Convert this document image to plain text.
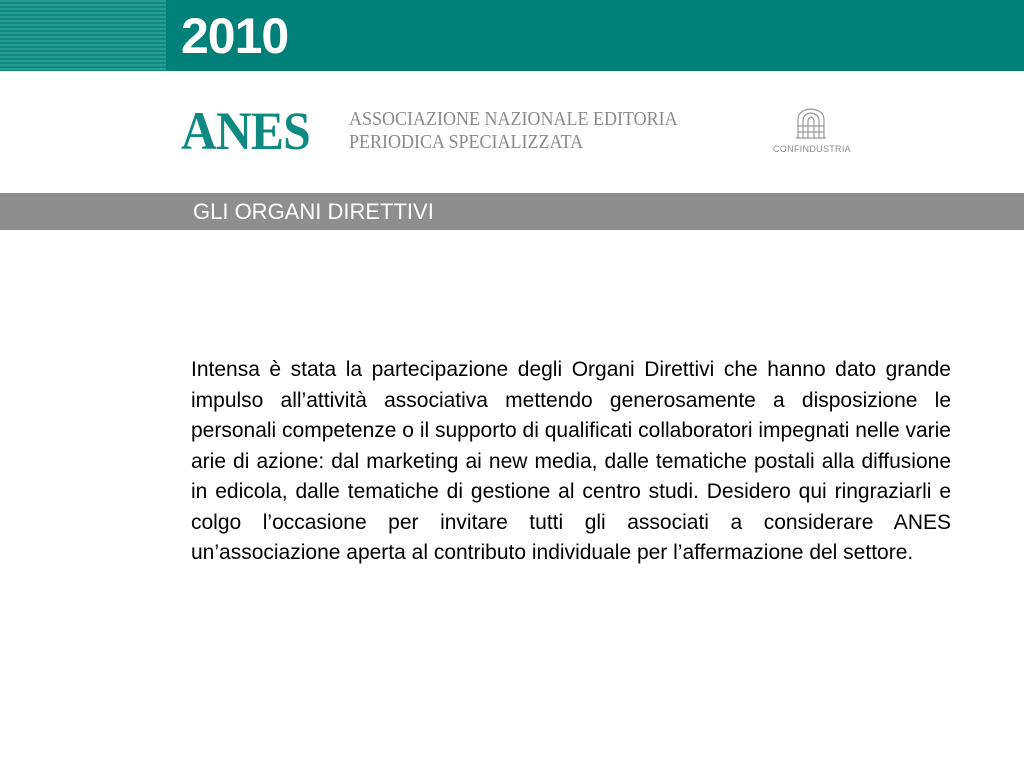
2010
ANES ASSOCIAZIONE NAZIONALE EDITORIA
PERIODICA SPECIALIZZATA	CONFINDUSTRIA
GLI ORGANI DIRETTIVI

Intensa è stata la partecipazione degli Organi Direttivi che hanno dato grande impulso all’attività associativa mettendo generosamente a disposizione le personali competenze o il supporto di qualificati collaboratori impegnati nelle varie arie di azione: dal marketing ai new media, dalle tematiche postali alla diffusione in edicola, dalle tematiche di gestione al centro studi. Desidero qui ringraziarli e colgo l’occasione per invitare tutti gli associati a considerare ANES un’associazione aperta al contributo individuale per l’affermazione del settore.
